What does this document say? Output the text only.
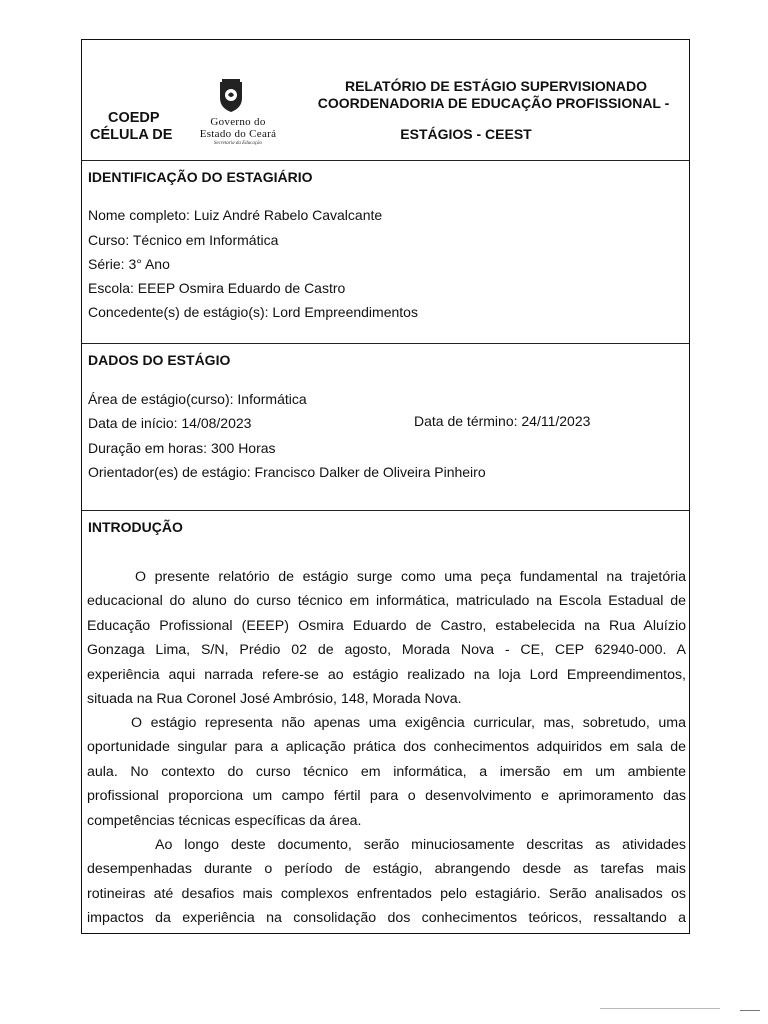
COEDP
CÉLULA DE
Governo do
Estado do Ceará
Secretaria da Educação
RELATÓRIO DE ESTÁGIO SUPERVISIONADO
COORDENADORIA DE EDUCAÇÃO PROFISSIONAL -
ESTÁGIOS - CEEST
IDENTIFICAÇÃO DO ESTAGIÁRIO
Nome completo: Luiz André Rabelo Cavalcante
Curso: Técnico em Informática
Série: 3° Ano
Escola: EEEP Osmira Eduardo de Castro
Concedente(s) de estágio(s): Lord Empreendimentos
DADOS DO ESTÁGIO
Área de estágio(curso): Informática
Data de início: 14/08/2023	Data de término: 24/11/2023
Duração em horas: 300 Horas
Orientador(es) de estágio: Francisco Dalker de Oliveira Pinheiro
INTRODUÇÃO
O presente relatório de estágio surge como uma peça fundamental na trajetória
educacional do aluno do curso técnico em informática, matriculado na Escola Estadual de
Educação Profissional (EEEP) Osmira Eduardo de Castro, estabelecida na Rua Aluízio
Gonzaga Lima, S/N, Prédio 02 de agosto, Morada Nova - CE, CEP 62940-000. A
experiência aqui narrada refere-se ao estágio realizado na loja Lord Empreendimentos,
situada na Rua Coronel José Ambrósio, 148, Morada Nova.
O estágio representa não apenas uma exigência curricular, mas, sobretudo, uma
oportunidade singular para a aplicação prática dos conhecimentos adquiridos em sala de
aula. No contexto do curso técnico em informática, a imersão em um ambiente
profissional proporciona um campo fértil para o desenvolvimento e aprimoramento das
competências técnicas específicas da área.
Ao longo deste documento, serão minuciosamente descritas as atividades
desempenhadas durante o período de estágio, abrangendo desde as tarefas mais
rotineiras até desafios mais complexos enfrentados pelo estagiário. Serão analisados os
impactos da experiência na consolidação dos conhecimentos teóricos, ressaltando a
